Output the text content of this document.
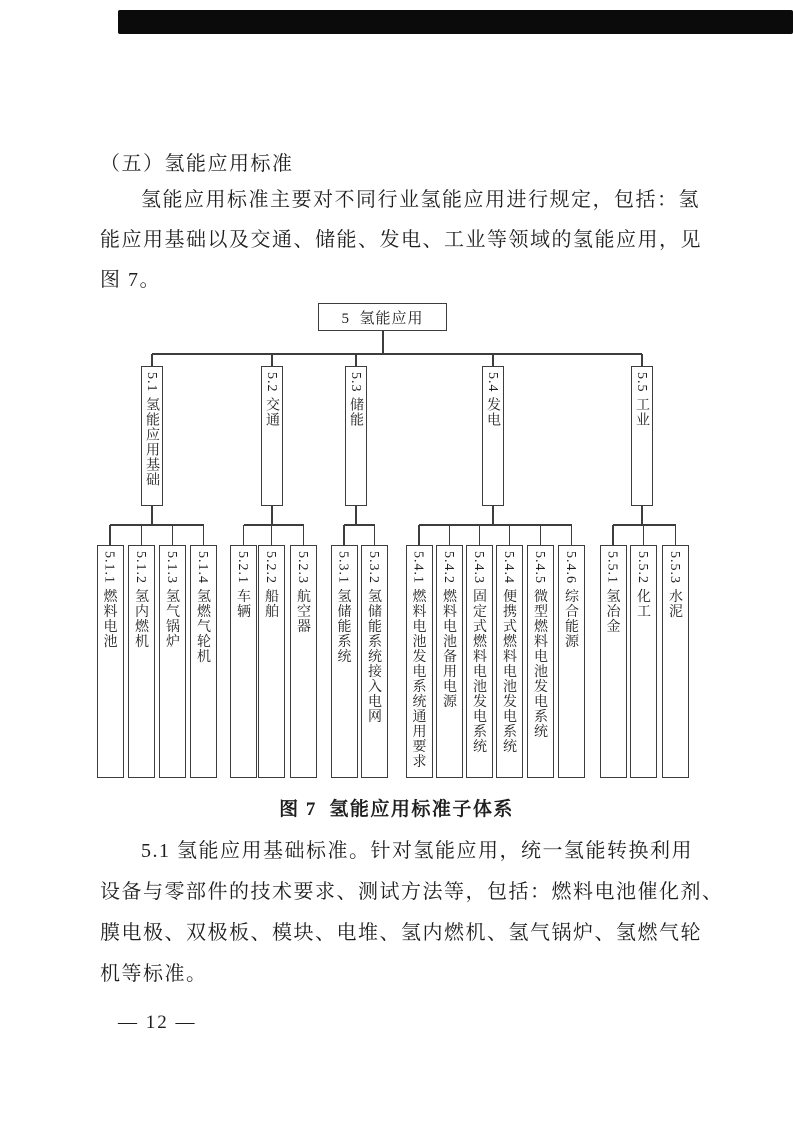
（五）氢能应用标准
氢能应用标准主要对不同行业氢能应用进行规定，包括：氢
能应用基础以及交通、储能、发电、工业等领域的氢能应用，见
图 7。
5  氢能应用
5.1 氢能应用基础
5.1.1 燃料电池 5.1.2 氢内燃机 5.1.3 氢气锅炉 5.1.4 氢燃气轮机
5.2 交通
5.2.1 车辆 5.2.2 船舶 5.2.3 航空器
5.3 储能
5.3.1 氢储能系统 5.3.2 氢储能系统接入电网
5.4 发电
5.4.1 燃料电池发电系统通用要求 5.4.2 燃料电池备用电源 5.4.3 固定式燃料电池发电系统 5.4.4 便携式燃料电池发电系统 5.4.5 微型燃料电池发电系统 5.4.6 综合能源
5.5 工业
5.5.1 氢冶金 5.5.2 化工 5.5.3 水泥
图 7  氢能应用标准子体系
5.1 氢能应用基础标准。针对氢能应用，统一氢能转换利用
设备与零部件的技术要求、测试方法等，包括：燃料电池催化剂、
膜电极、双极板、模块、电堆、氢内燃机、氢气锅炉、氢燃气轮
机等标准。
— 12 —
